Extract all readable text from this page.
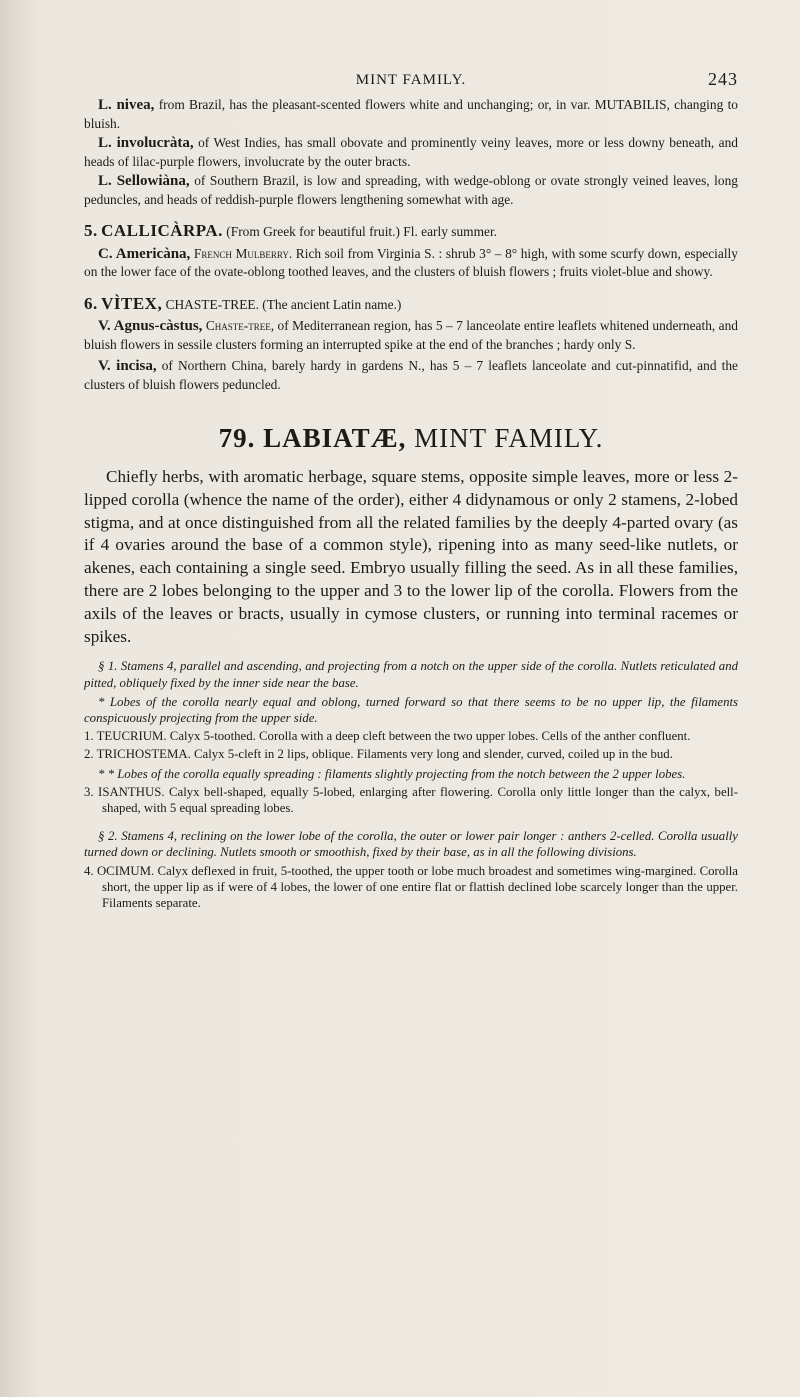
MINT FAMILY.	243

L. nivea, from Brazil, has the pleasant-scented flowers white and unchanging; or, in var. MUTABILIS, changing to bluish.

L. involucràta, of West Indies, has small obovate and prominently veiny leaves, more or less downy beneath, and heads of lilac-purple flowers, involucrate by the outer bracts.

L. Sellowiàna, of Southern Brazil, is low and spreading, with wedge-oblong or ovate strongly veined leaves, long peduncles, and heads of reddish-purple flowers lengthening somewhat with age.

5. CALLICÀRPA. (From Greek for beautiful fruit.) Fl. early summer.

C. Americàna, French Mulberry. Rich soil from Virginia S. : shrub 3° – 8° high, with some scurfy down, especially on the lower face of the ovate-oblong toothed leaves, and the clusters of bluish flowers ; fruits violet-blue and showy.

6. VÌTEX, CHASTE-TREE. (The ancient Latin name.)

V. Agnus-càstus, Chaste-tree, of Mediterranean region, has 5 – 7 lanceolate entire leaflets whitened underneath, and bluish flowers in sessile clusters forming an interrupted spike at the end of the branches ; hardy only S.

V. incisa, of Northern China, barely hardy in gardens N., has 5 – 7 leaflets lanceolate and cut-pinnatifid, and the clusters of bluish flowers peduncled.

79. LABIATÆ, MINT FAMILY.

Chiefly herbs, with aromatic herbage, square stems, opposite simple leaves, more or less 2-lipped corolla (whence the name of the order), either 4 didynamous or only 2 stamens, 2-lobed stigma, and at once distinguished from all the related families by the deeply 4-parted ovary (as if 4 ovaries around the base of a common style), ripening into as many seed-like nutlets, or akenes, each containing a single seed. Embryo usually filling the seed. As in all these families, there are 2 lobes belonging to the upper and 3 to the lower lip of the corolla. Flowers from the axils of the leaves or bracts, usually in cymose clusters, or running into terminal racemes or spikes.

§ 1. Stamens 4, parallel and ascending, and projecting from a notch on the upper side of the corolla. Nutlets reticulated and pitted, obliquely fixed by the inner side near the base.

* Lobes of the corolla nearly equal and oblong, turned forward so that there seems to be no upper lip, the filaments conspicuously projecting from the upper side.

1. TEUCRIUM. Calyx 5-toothed. Corolla with a deep cleft between the two upper lobes. Cells of the anther confluent.

2. TRICHOSTEMA. Calyx 5-cleft in 2 lips, oblique. Filaments very long and slender, curved, coiled up in the bud.

* * Lobes of the corolla equally spreading : filaments slightly projecting from the notch between the 2 upper lobes.

3. ISANTHUS. Calyx bell-shaped, equally 5-lobed, enlarging after flowering. Corolla only little longer than the calyx, bell-shaped, with 5 equal spreading lobes.

§ 2. Stamens 4, reclining on the lower lobe of the corolla, the outer or lower pair longer : anthers 2-celled. Corolla usually turned down or declining. Nutlets smooth or smoothish, fixed by their base, as in all the following divisions.

4. OCIMUM. Calyx deflexed in fruit, 5-toothed, the upper tooth or lobe much broadest and sometimes wing-margined. Corolla short, the upper lip as if were of 4 lobes, the lower of one entire flat or flattish declined lobe scarcely longer than the upper. Filaments separate.
